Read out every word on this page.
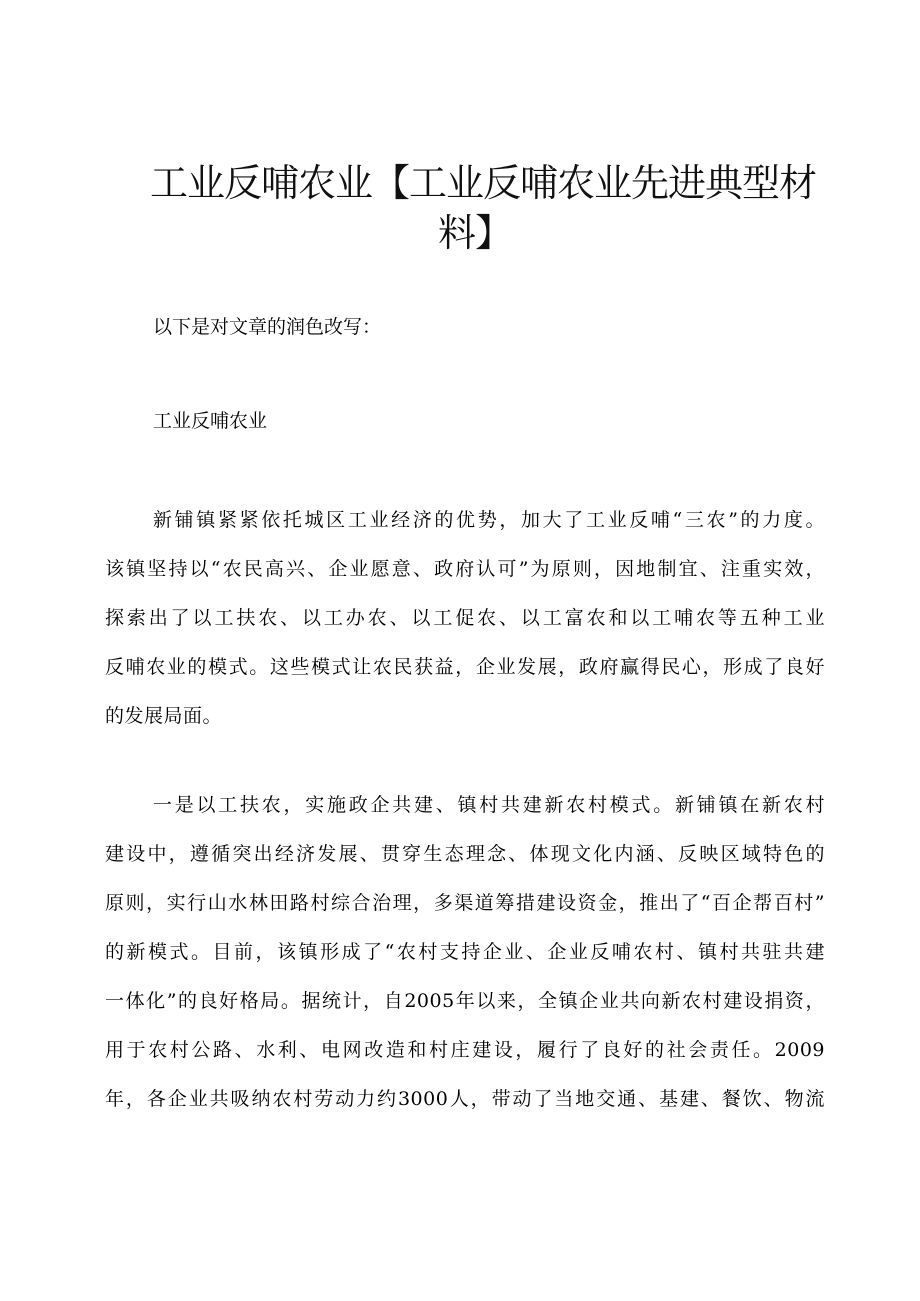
工业反哺农业【工业反哺农业先进典型材
料】

以下是对文章的润色改写：

工业反哺农业

新铺镇紧紧依托城区工业经济的优势，加大了工业反哺“三农”的力度。
该镇坚持以“农民高兴、企业愿意、政府认可”为原则，因地制宜、注重实效，
探索出了以工扶农、以工办农、以工促农、以工富农和以工哺农等五种工业
反哺农业的模式。这些模式让农民获益，企业发展，政府赢得民心，形成了良好
的发展局面。
一是以工扶农，实施政企共建、镇村共建新农村模式。新铺镇在新农村
建设中，遵循突出经济发展、贯穿生态理念、体现文化内涵、反映区域特色的
原则，实行山水林田路村综合治理，多渠道筹措建设资金，推出了“百企帮百村”
的新模式。目前，该镇形成了“农村支持企业、企业反哺农村、镇村共驻共建
一体化”的良好格局。据统计，自2005年以来，全镇企业共向新农村建设捐资，
用于农村公路、水利、电网改造和村庄建设，履行了良好的社会责任。2009
年，各企业共吸纳农村劳动力约3000人，带动了当地交通、基建、餐饮、物流
